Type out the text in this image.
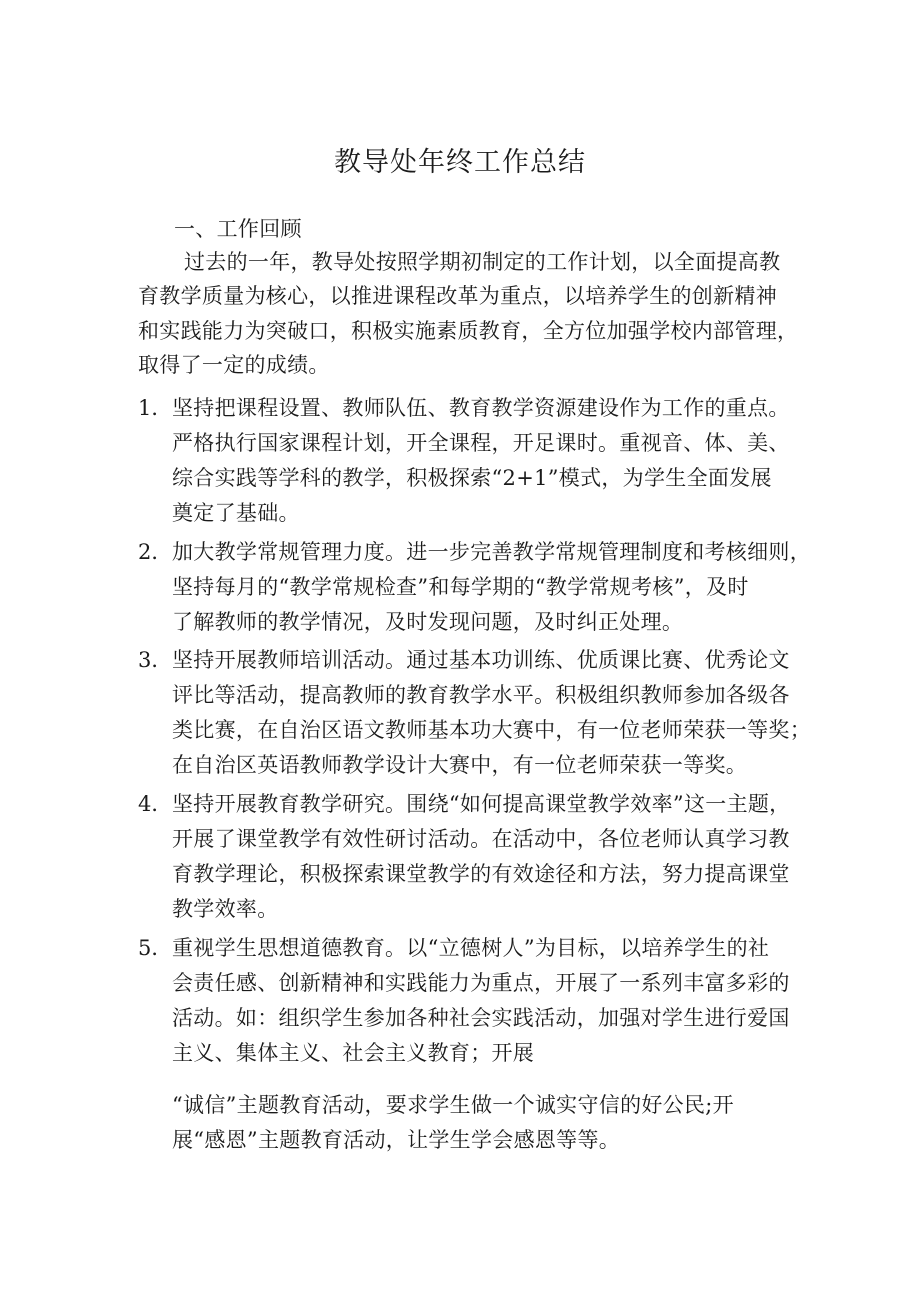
教导处年终工作总结
一、工作回顾
过去的一年，教导处按照学期初制定的工作计划，以全面提高教
育教学质量为核心，以推进课程改革为重点，以培养学生的创新精神
和实践能力为突破口，积极实施素质教育，全方位加强学校内部管理，
取得了一定的成绩。
1． 坚持把课程设置、教师队伍、教育教学资源建设作为工作的重点。
严格执行国家课程计划，开全课程，开足课时。重视音、体、美、
综合实践等学科的教学，积极探索“2+1”模式，为学生全面发展
奠定了基础。
2． 加大教学常规管理力度。进一步完善教学常规管理制度和考核细则，
坚持每月的“教学常规检查”和每学期的“教学常规考核”，及时
了解教师的教学情况，及时发现问题，及时纠正处理。
3． 坚持开展教师培训活动。通过基本功训练、优质课比赛、优秀论文
评比等活动，提高教师的教育教学水平。积极组织教师参加各级各
类比赛，在自治区语文教师基本功大赛中，有一位老师荣获一等奖；
在自治区英语教师教学设计大赛中，有一位老师荣获一等奖。
4． 坚持开展教育教学研究。围绕“如何提高课堂教学效率”这一主题，
开展了课堂教学有效性研讨活动。在活动中，各位老师认真学习教
育教学理论，积极探索课堂教学的有效途径和方法，努力提高课堂
教学效率。
5． 重视学生思想道德教育。以“立德树人”为目标，以培养学生的社
会责任感、创新精神和实践能力为重点，开展了一系列丰富多彩的
活动。如：组织学生参加各种社会实践活动，加强对学生进行爱国
主义、集体主义、社会主义教育；开展
“诚信”主题教育活动，要求学生做一个诚实守信的好公民;开
展“感恩”主题教育活动，让学生学会感恩等等。
